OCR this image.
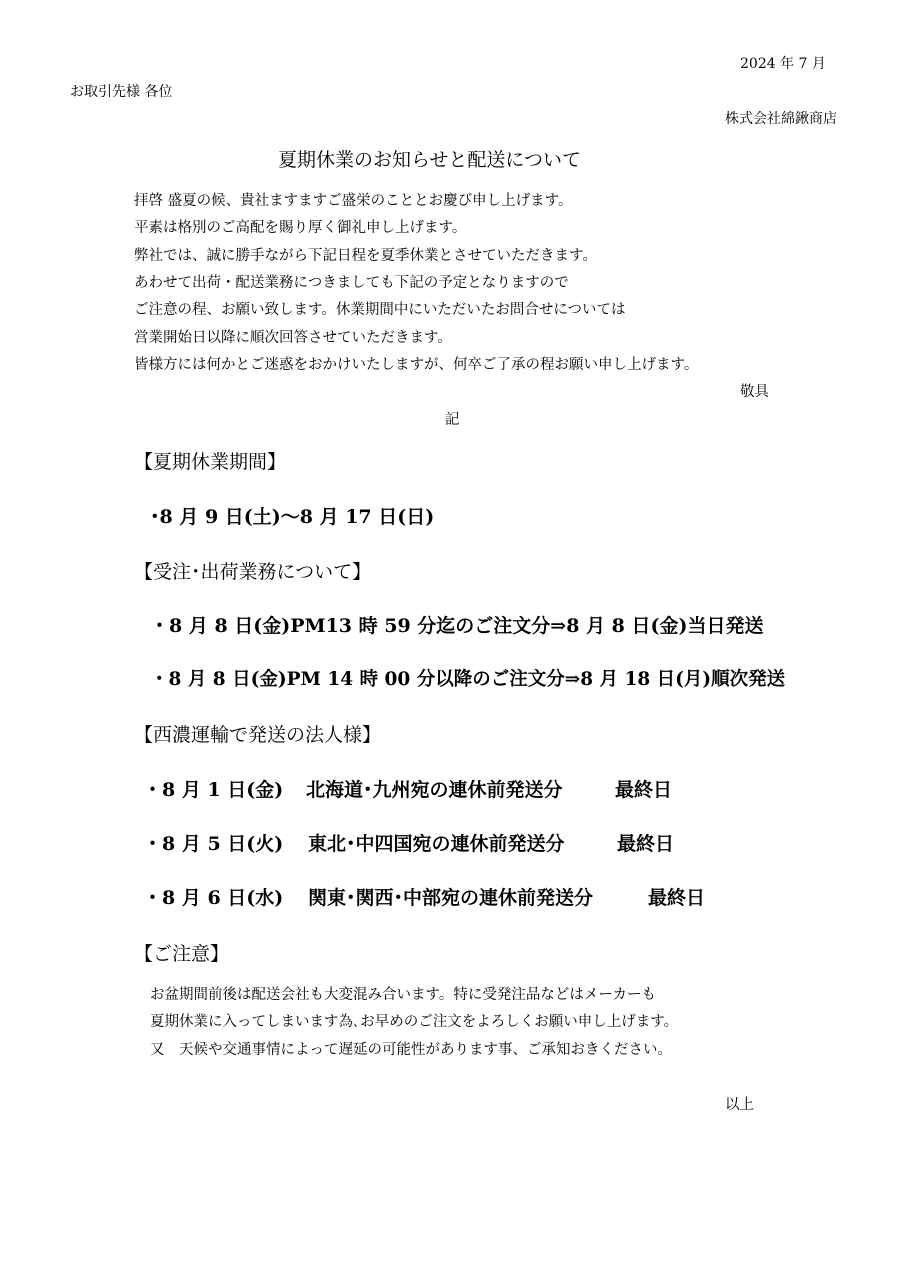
2024 年 7 月
お取引先様 各位
株式会社綿鍬商店
夏期休業のお知らせと配送について
拝啓 盛夏の候、貴社ますますご盛栄のこととお慶び申し上げます。
平素は格別のご高配を賜り厚く御礼申し上げます。
弊社では、誠に勝手ながら下記日程を夏季休業とさせていただきます。
あわせて出荷・配送業務につきましても下記の予定となりますので
ご注意の程、お願い致します。休業期間中にいただいたお問合せについては
営業開始日以降に順次回答させていただきます。
皆様方には何かとご迷惑をおかけいたしますが、何卒ご了承の程お願い申し上げます。
敬具
記
【夏期休業期間】
･8 月 9 日(土)〜8 月 17 日(日)
【受注･出荷業務について】
・8 月 8 日(金)PM13 時 59 分迄のご注文分⇒8 月 8 日(金)当日発送
・8 月 8 日(金)PM 14 時 00 分以降のご注文分⇒8 月 18 日(月)順次発送
【西濃運輸で発送の法人様】
・8 月 1 日(金) 北海道･九州宛の連休前発送分	最終日
・8 月 5 日(火) 東北･中四国宛の連休前発送分	最終日
・8 月 6 日(水) 関東･関西･中部宛の連休前発送分	最終日
【ご注意】
お盆期間前後は配送会社も大変混み合います。特に受発注品などはメーカーも
夏期休業に入ってしまいます為､お早めのご注文をよろしくお願い申し上げます。
又　天候や交通事情によって遅延の可能性があります事、ご承知おきください。
以上
